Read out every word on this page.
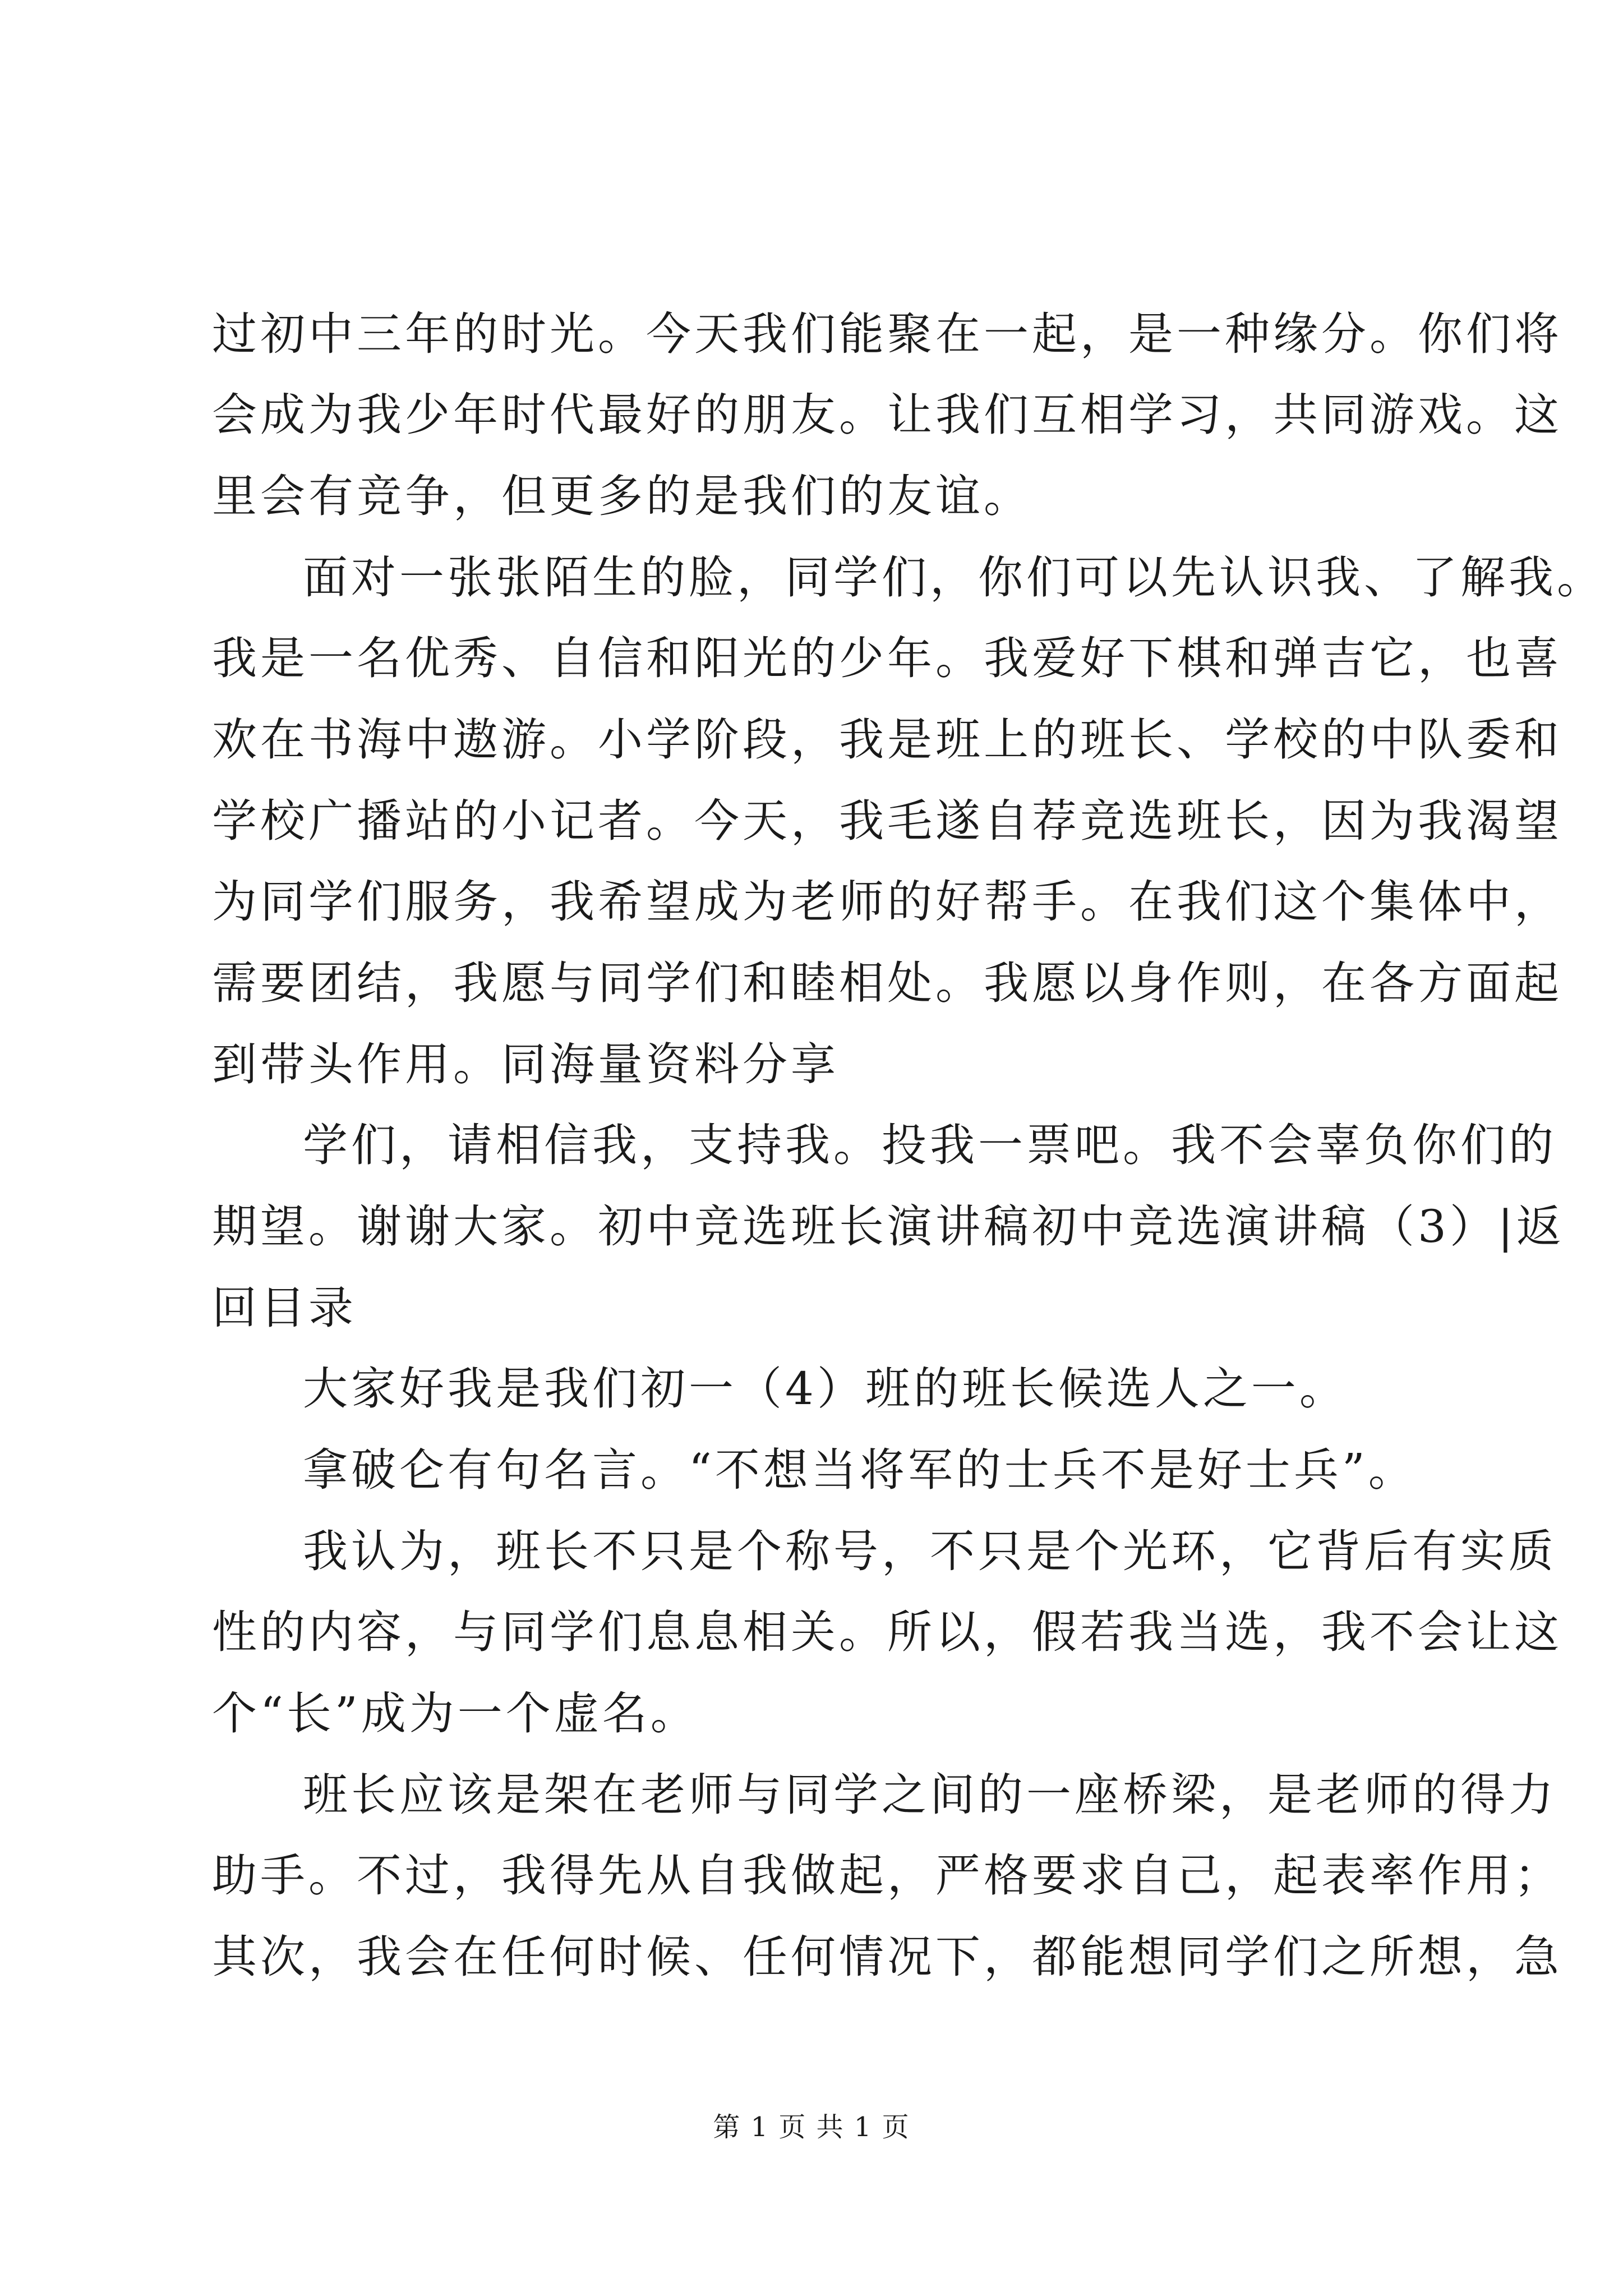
过初中三年的时光。今天我们能聚在一起，是一种缘分。你们将
会成为我少年时代最好的朋友。让我们互相学习，共同游戏。这
里会有竞争，但更多的是我们的友谊。
面对一张张陌生的脸，同学们，你们可以先认识我、了解我。
我是一名优秀、自信和阳光的少年。我爱好下棋和弹吉它，也喜
欢在书海中遨游。小学阶段，我是班上的班长、学校的中队委和
学校广播站的小记者。今天，我毛遂自荐竞选班长，因为我渴望
为同学们服务，我希望成为老师的好帮手。在我们这个集体中，
需要团结，我愿与同学们和睦相处。我愿以身作则，在各方面起
到带头作用。同海量资料分享
学们，请相信我，支持我。投我一票吧。我不会辜负你们的
期望。谢谢大家。初中竞选班长演讲稿初中竞选演讲稿（3）|返
回目录
大家好我是我们初一（4）班的班长候选人之一。
拿破仑有句名言。“不想当将军的士兵不是好士兵”。
我认为，班长不只是个称号，不只是个光环，它背后有实质
性的内容，与同学们息息相关。所以，假若我当选，我不会让这
个“长”成为一个虚名。
班长应该是架在老师与同学之间的一座桥梁，是老师的得力
助手。不过，我得先从自我做起，严格要求自己，起表率作用；
其次，我会在任何时候、任何情况下，都能想同学们之所想，急
第 1 页 共 1 页
